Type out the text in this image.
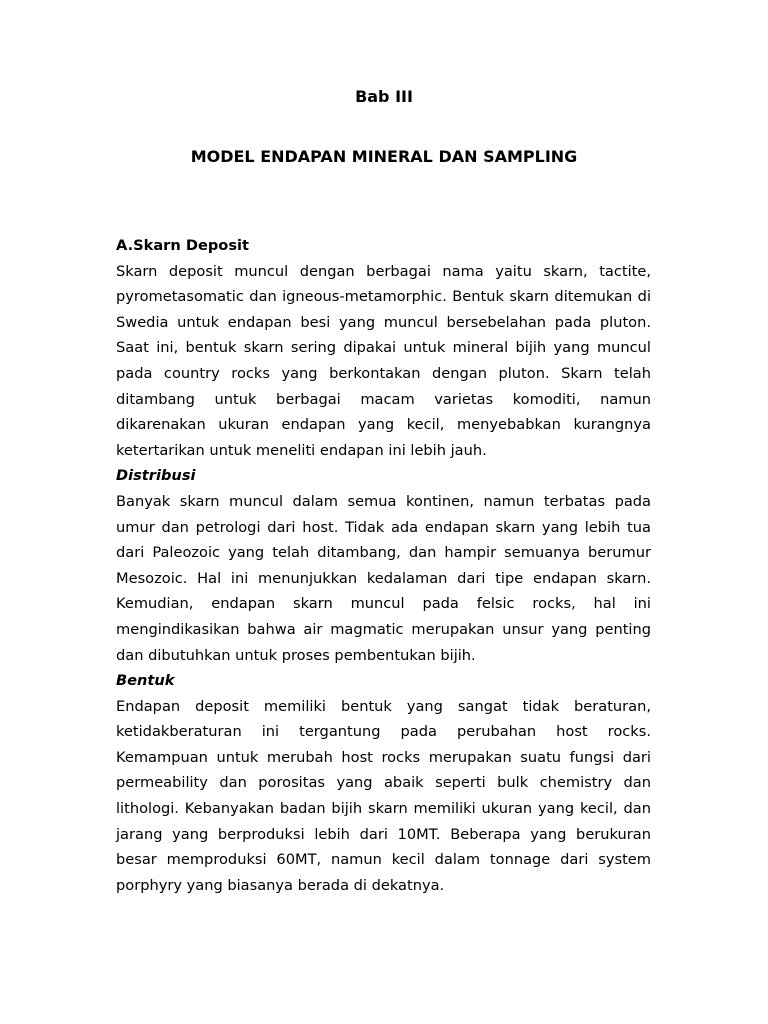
Bab III
MODEL ENDAPAN MINERAL DAN SAMPLING

A.Skarn Deposit

Skarn deposit muncul dengan berbagai nama yaitu skarn, tactite, pyrometasomatic dan igneous-metamorphic. Bentuk skarn ditemukan di Swedia untuk endapan besi yang muncul bersebelahan pada pluton. Saat ini, bentuk skarn sering dipakai untuk mineral bijih yang muncul pada country rocks yang berkontakan dengan pluton. Skarn telah ditambang untuk berbagai macam varietas komoditi, namun dikarenakan ukuran endapan yang kecil, menyebabkan kurangnya ketertarikan untuk meneliti endapan ini lebih jauh.

Distribusi

Banyak skarn muncul dalam semua kontinen, namun terbatas pada umur dan petrologi dari host. Tidak ada endapan skarn yang lebih tua dari Paleozoic yang telah ditambang, dan hampir semuanya berumur Mesozoic. Hal ini menunjukkan kedalaman dari tipe endapan skarn. Kemudian, endapan skarn muncul pada felsic rocks, hal ini mengindikasikan bahwa air magmatic merupakan unsur yang penting dan dibutuhkan untuk proses pembentukan bijih.

Bentuk

Endapan deposit memiliki bentuk yang sangat tidak beraturan, ketidakberaturan ini tergantung pada perubahan host rocks. Kemampuan untuk merubah host rocks merupakan suatu fungsi dari permeability dan porositas yang abaik seperti bulk chemistry dan lithologi. Kebanyakan badan bijih skarn memiliki ukuran yang kecil, dan jarang yang berproduksi lebih dari 10MT. Beberapa yang berukuran besar memproduksi 60MT, namun kecil dalam tonnage dari system porphyry yang biasanya berada di dekatnya.
